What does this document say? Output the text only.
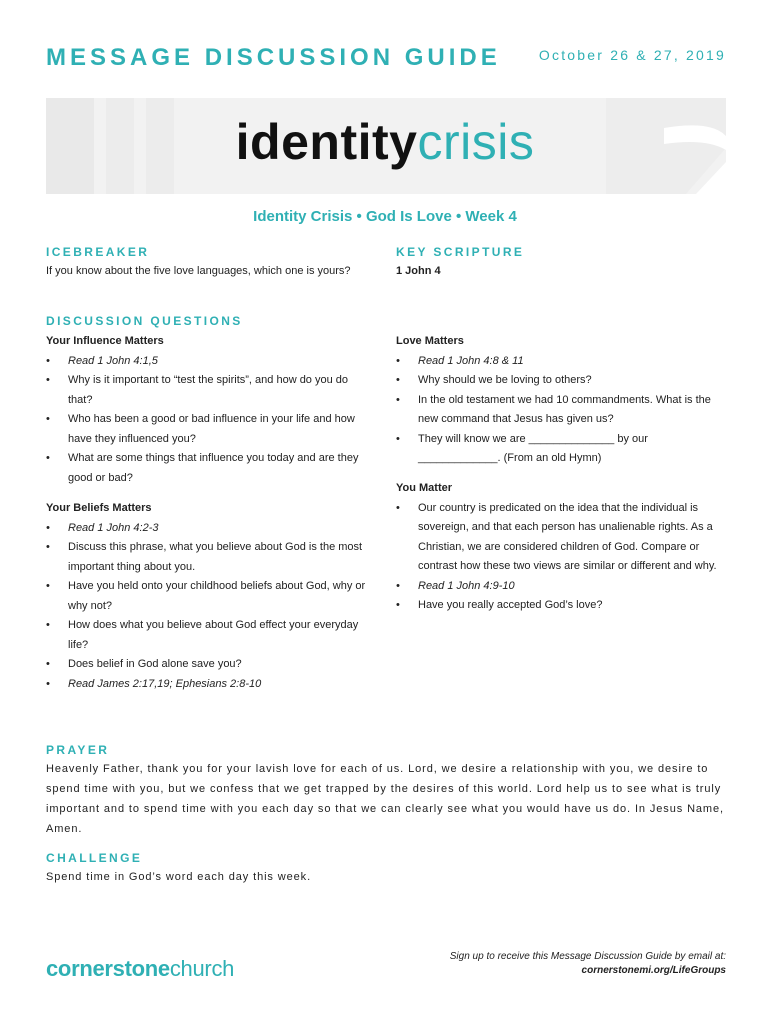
MESSAGE DISCUSSION GUIDE	October 26 & 27, 2019
identitycrisis
Identity Crisis • God Is Love • Week 4
ICEBREAKER
If you know about the five love languages, which one is yours?
KEY SCRIPTURE
1 John 4
DISCUSSION QUESTIONS
Your Influence Matters
• Read 1 John 4:1,5
• Why is it important to “test the spirits”, and how do you do that?
• Who has been a good or bad influence in your life and how have they influenced you?
• What are some things that influence you today and are they good or bad?
Your Beliefs Matters
• Read 1 John 4:2-3
• Discuss this phrase, what you believe about God is the most important thing about you.
• Have you held onto your childhood beliefs about God, why or why not?
• How does what you believe about God effect your everyday life?
• Does belief in God alone save you?
• Read James 2:17,19; Ephesians 2:8-10
Love Matters
• Read 1 John 4:8 & 11
• Why should we be loving to others?
• In the old testament we had 10 commandments. What is the new command that Jesus has given us?
• They will know we are ______________ by our _____________. (From an old Hymn)
You Matter
• Our country is predicated on the idea that the individual is sovereign, and that each person has unalienable rights. As a Christian, we are considered children of God. Compare or contrast how these two views are similar or different and why.
• Read 1 John 4:9-10
• Have you really accepted God’s love?
PRAYER
Heavenly Father, thank you for your lavish love for each of us. Lord, we desire a relationship with you, we desire to spend time with you, but we confess that we get trapped by the desires of this world. Lord help us to see what is truly important and to spend time with you each day so that we can clearly see what you would have us do. In Jesus Name, Amen.
CHALLENGE
Spend time in God’s word each day this week.
cornerstonechurch	Sign up to receive this Message Discussion Guide by email at:
cornerstonemi.org/LifeGroups
